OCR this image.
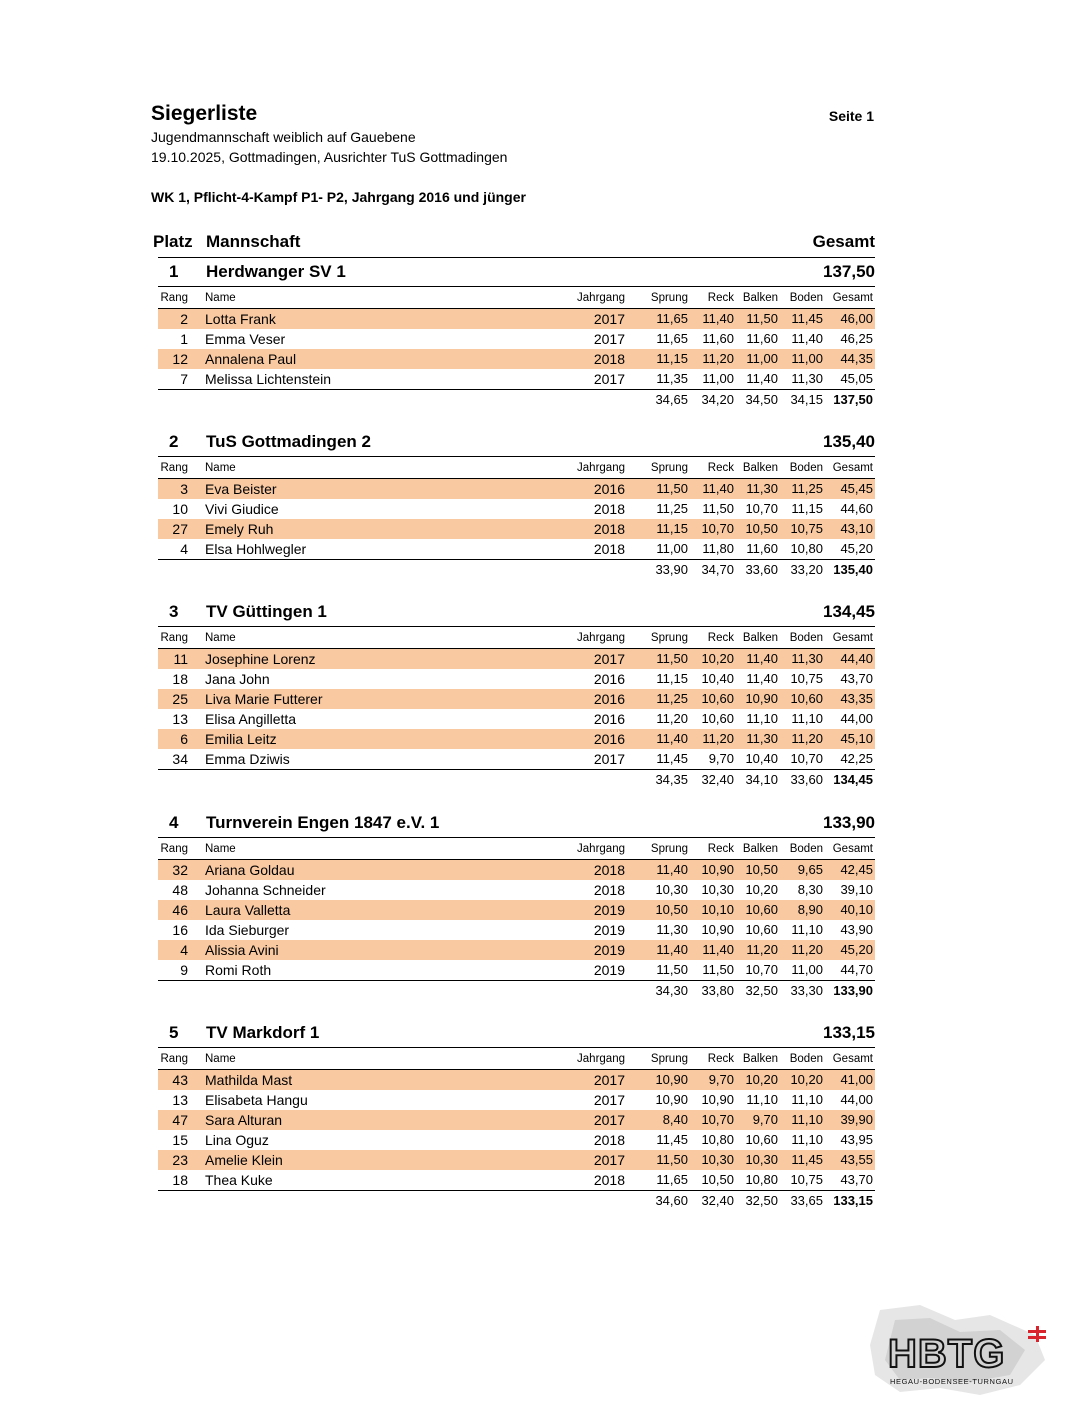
Siegerliste	Seite 1
Jugendmannschaft weiblich auf Gauebene
19.10.2025, Gottmadingen, Ausrichter TuS Gottmadingen
WK 1, Pflicht-4-Kampf P1- P2, Jahrgang 2016 und jünger
Platz Mannschaft	Gesamt
1 Herdwanger SV 1	137,50
Rang Name	Jahrgang	Sprung	Reck Balken	Boden Gesamt
2 Lotta Frank	2017	11,65	11,40 11,50	11,45	46,00
1 Emma Veser	2017	11,65	11,60 11,60	11,40	46,25
12 Annalena Paul	2018	11,15	11,20 11,00	11,00	44,35
7 Melissa Lichtenstein	2017	11,35	11,00 11,40	11,30	45,05
34,65	34,20 34,50 34,15 137,50
2 TuS Gottmadingen 2	135,40
Rang Name	Jahrgang	Sprung	Reck Balken	Boden Gesamt
3 Eva Beister	2016	11,50	11,40 11,30	11,25	45,45
10 Vivi Giudice	2018	11,25	11,50 10,70	11,15	44,60
27 Emely Ruh	2018	11,15	10,70 10,50 10,75	43,10
4 Elsa Hohlwegler	2018	11,00	11,80 11,60 10,80	45,20
33,90	34,70 33,60 33,20 135,40
3 TV Güttingen 1	134,45
Rang Name	Jahrgang	Sprung	Reck Balken	Boden Gesamt
11 Josephine Lorenz	2017	11,50	10,20 11,40	11,30	44,40
18 Jana John	2016	11,15	10,40 11,40 10,75	43,70
25 Liva Marie Futterer	2016	11,25	10,60 10,90 10,60	43,35
13 Elisa Angilletta	2016	11,20	10,60 11,10	11,10	44,00
6 Emilia Leitz	2016	11,40	11,20 11,30	11,20	45,10
34 Emma Dziwis	2017	11,45	9,70 10,40 10,70	42,25
34,35	32,40 34,10 33,60 134,45
4 Turnverein Engen 1847 e.V. 1	133,90
Rang Name	Jahrgang	Sprung	Reck Balken	Boden Gesamt
32 Ariana Goldau	2018	11,40	10,90 10,50	9,65	42,45
48 Johanna Schneider	2018	10,30	10,30 10,20	8,30	39,10
46 Laura Valletta	2019	10,50	10,10 10,60	8,90	40,10
16 Ida Sieburger	2019	11,30	10,90 10,60	11,10	43,90
4 Alissia Avini	2019	11,40	11,40 11,20	11,20	45,20
9 Romi Roth	2019	11,50	11,50 10,70	11,00	44,70
34,30	33,80 32,50 33,30 133,90
5 TV Markdorf 1	133,15
Rang Name	Jahrgang	Sprung	Reck Balken	Boden Gesamt
43 Mathilda Mast	2017	10,90	9,70 10,20 10,20	41,00
13 Elisabeta Hangu	2017	10,90	10,90 11,10	11,10	44,00
47 Sara Alturan	2017	8,40	10,70	9,70	11,10	39,90
15 Lina Oguz	2018	11,45	10,80 10,60	11,10	43,95
23 Amelie Klein	2017	11,50	10,30 10,30	11,45	43,55
18 Thea Kuke	2018	11,65	10,50 10,80 10,75	43,70
34,60	32,40 32,50 33,65 133,15
HBTG
HEGAU-BODENSEE-TURNGAU
